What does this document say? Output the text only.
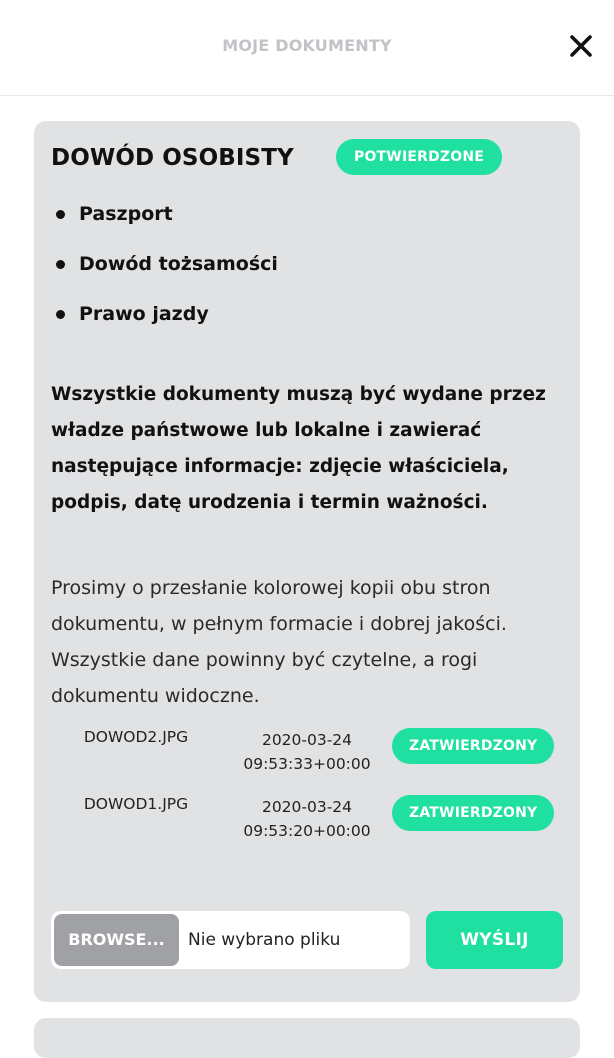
MOJE DOKUMENTY
DOWÓD OSOBISTY	POTWIERDZONE
Paszport
Dowód tożsamości
Prawo jazdy

Wszystkie dokumenty muszą być wydane przez władze państwowe lub lokalne i zawierać następujące informacje: zdjęcie właściciela, podpis, datę urodzenia i termin ważności.

Prosimy o przesłanie kolorowej kopii obu stron dokumentu, w pełnym formacie i dobrej jakości. Wszystkie dane powinny być czytelne, a rogi dokumentu widoczne.

DOWOD2.JPG	2020-03-24
09:53:33+00:00
ZATWIERDZONY
DOWOD1.JPG	2020-03-24
09:53:20+00:00
ZATWIERDZONY
BROWSE...	Nie wybrano pliku	WYŚLIJ
